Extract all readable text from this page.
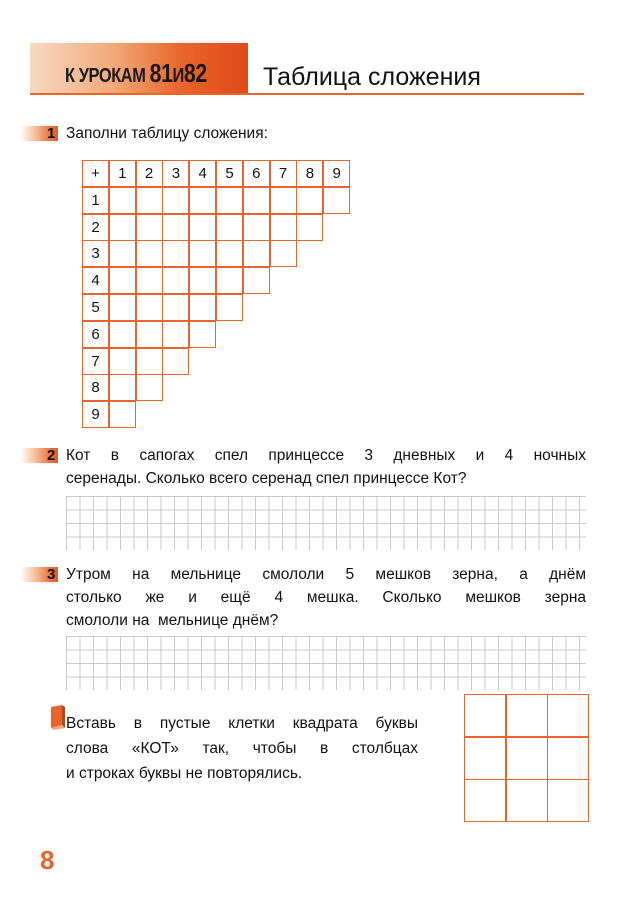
К УРОКАМ 81И82 Таблица сложения
1 Заполни таблицу сложения:
+	1	2	3	4	5	6	7	8	9
1
2
3
4
5
6
7
8
9
2 Кот в сапогах спел принцессе 3 дневных и 4 ночных
серенады. Сколько всего серенад спел принцессе Кот?
3 Утром на мельнице смололи 5 мешков зерна, а днём
столько же и ещё 4 мешка. Сколько мешков зерна
смололи на  мельнице днём?
Вставь в пустые клетки квадрата буквы
слова «КОТ» так, чтобы в столбцах
и строках буквы не повторялись.
8
